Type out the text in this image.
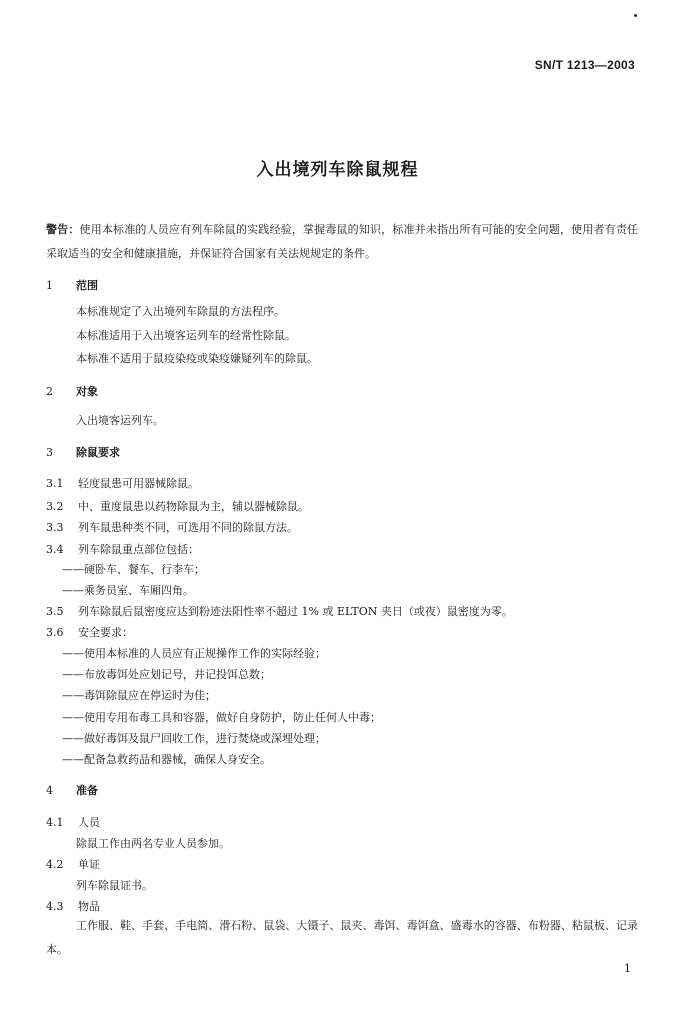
SN/T 1213—2003
入出境列车除鼠规程
警告：使用本标准的人员应有列车除鼠的实践经验，掌握毒鼠的知识，标准并未指出所有可能的安全问题，使用者有责任采取适当的安全和健康措施，并保证符合国家有关法规规定的条件。
1 范围
本标准规定了入出境列车除鼠的方法程序。
本标准适用于入出境客运列车的经常性除鼠。
本标准不适用于鼠疫染疫或染疫嫌疑列车的除鼠。
2 对象
入出境客运列车。
3 除鼠要求
3.1 轻度鼠患可用器械除鼠。
3.2 中、重度鼠患以药物除鼠为主，辅以器械除鼠。
3.3 列车鼠患种类不同，可选用不同的除鼠方法。
3.4 列车除鼠重点部位包括：
——硬卧车、餐车、行李车；
——乘务员室、车厢四角。
3.5 列车除鼠后鼠密度应达到粉迹法阳性率不超过 1% 或 ELTON 夹日（或夜）鼠密度为零。
3.6 安全要求：
——使用本标准的人员应有正规操作工作的实际经验；
——布放毒饵处应划记号，并记投饵总数；
——毒饵除鼠应在停运时为佳；
——使用专用布毒工具和容器，做好自身防护，防止任何人中毒；
——做好毒饵及鼠尸回收工作，进行焚烧或深埋处理；
——配备急救药品和器械，确保人身安全。
4 准备
4.1 人员
除鼠工作由两名专业人员参加。
4.2 单证
列车除鼠证书。
4.3 物品
工作服、鞋、手套、手电筒、滑石粉、鼠袋、大镊子、鼠夹、毒饵、毒饵盒、盛毒水的容器、布粉器、粘鼠板、记录本。
1
